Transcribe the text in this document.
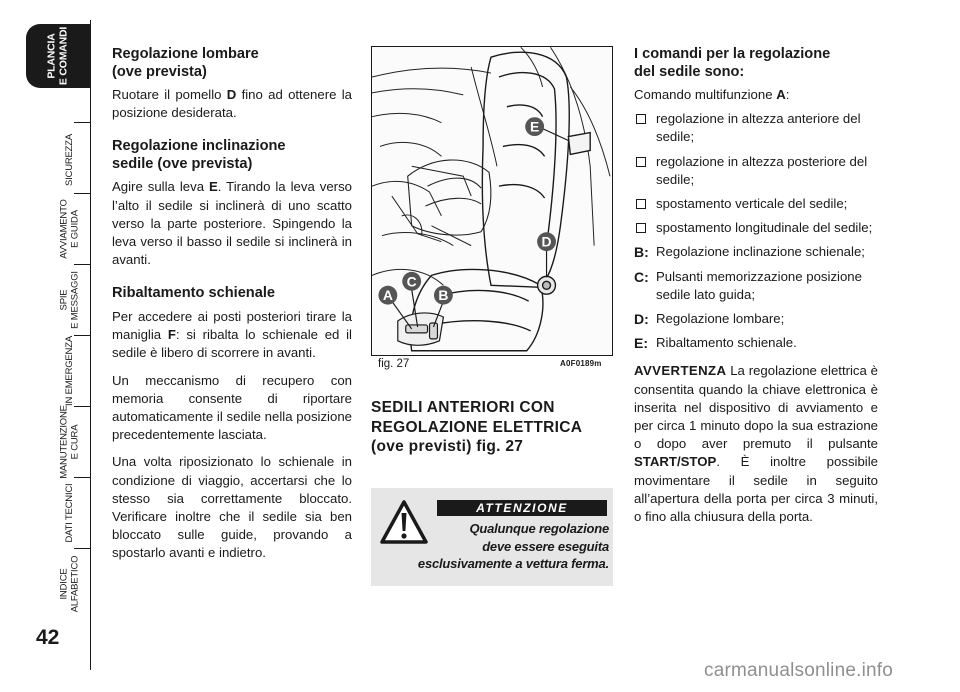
PLANCIA
E COMANDI
SICUREZZA
AVVIAMENTO
E GUIDA
SPIE
E MESSAGGI
IN EMERGENZA
MANUTENZIONE
E CURA
DATI TECNICI
INDICE
ALFABETICO
42
Regolazione lombare
(ove prevista)

Ruotare il pomello D fino ad ottenere la posizione desiderata.

Regolazione inclinazione
sedile (ove prevista)

Agire sulla leva E. Tirando la leva verso l’alto il sedile si inclinerà di uno scatto verso la parte posteriore. Spingendo la leva verso il basso il sedile si inclinerà in avanti.

Ribaltamento schienale

Per accedere ai posti posteriori tirare la maniglia F: si ribalta lo schienale ed il sedile è libero di scorrere in avanti.

Un meccanismo di recupero con memoria consente di riportare automaticamente il sedile nella posizione precedentemente lasciata.

Una volta riposizionato lo schienale in condizione di viaggio, accertarsi che lo stesso sia correttamente bloccato. Verificare inoltre che il sedile sia ben bloccato sulle guide, provando a spostarlo avanti e indietro.

E
D
C
A	B
fig. 27	A0F0189m
SEDILI ANTERIORI CON
REGOLAZIONE ELETTRICA
(ove previsti) fig. 27
ATTENZIONE
Qualunque regolazione
deve essere eseguita
esclusivamente a vettura ferma.
I comandi per la regolazione
del sedile sono:

Comando multifunzione A:

regolazione in altezza anteriore del sedile;
regolazione in altezza posteriore del sedile;
spostamento verticale del sedile;
spostamento longitudinale del sedile;
B: Regolazione inclinazione schienale;
C: Pulsanti memorizzazione posizione sedile lato guida;
D: Regolazione lombare;
E: Ribaltamento schienale.

AVVERTENZA La regolazione elettrica è consentita quando la chiave elettronica è inserita nel dispositivo di avviamento e per circa 1 minuto dopo la sua estrazione o dopo aver premuto il pulsante START/STOP. È inoltre possibile movimentare il sedile in seguito all’apertura della porta per circa 3 minuti, o fino alla chiusura della porta.

carmanualsonline.info
